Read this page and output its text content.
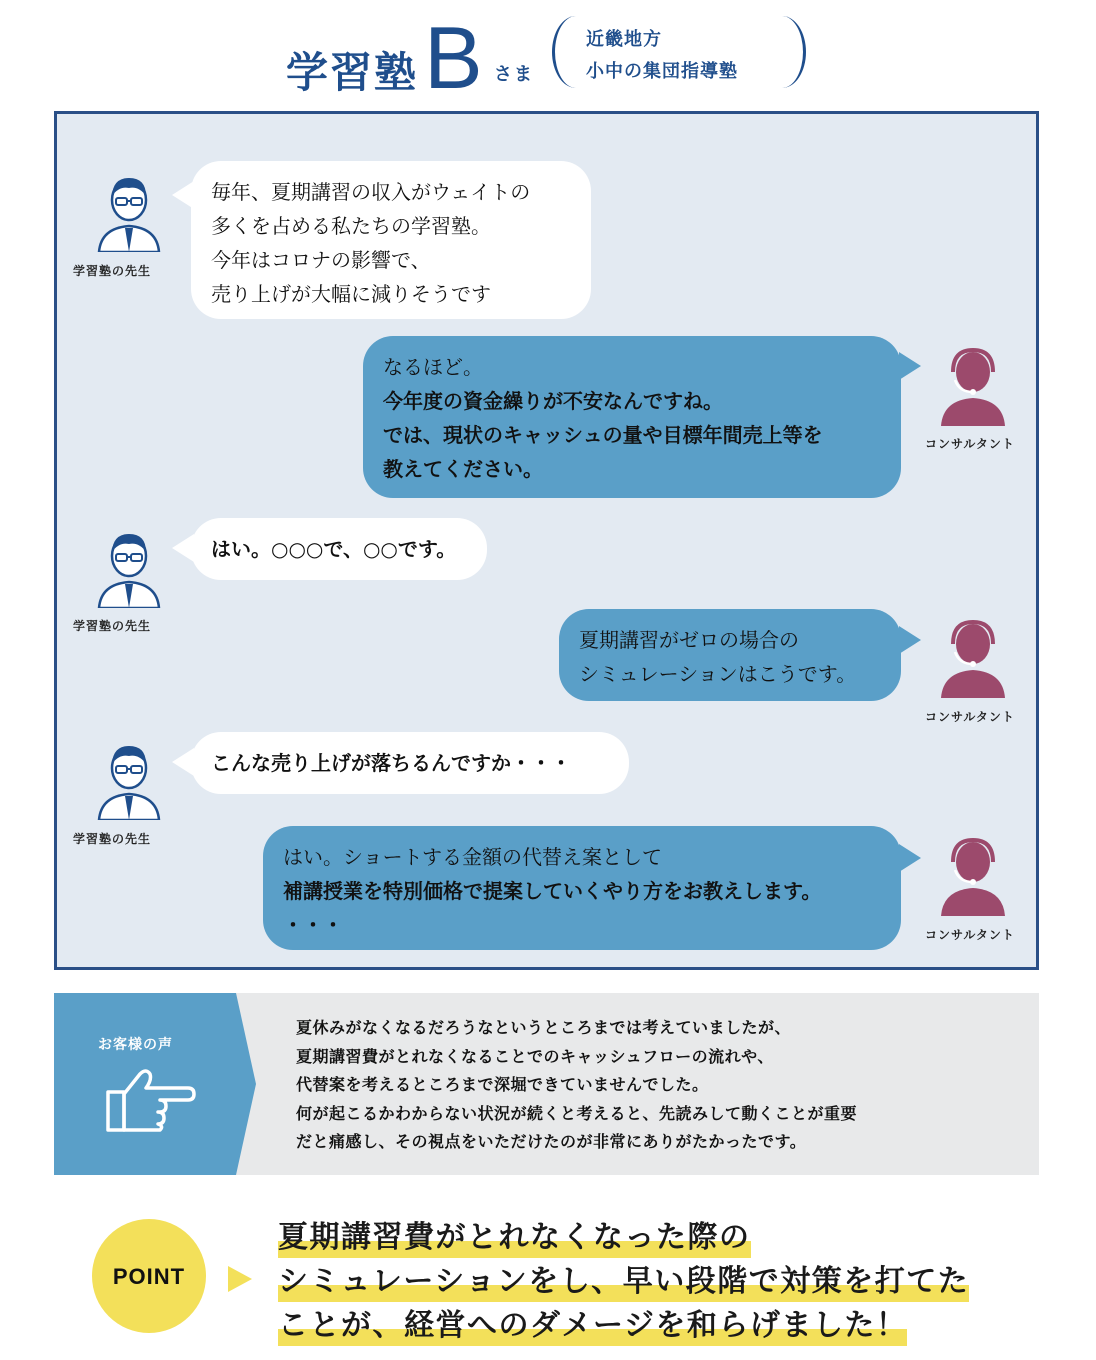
学習塾 B さま
近畿地方
小中の集団指導塾
学習塾の先生
毎年、夏期講習の収入がウェイトの
多くを占める私たちの学習塾。
今年はコロナの影響で、
売り上げが大幅に減りそうです
なるほど。
今年度の資金繰りが不安なんですね。
では、現状のキャッシュの量や目標年間売上等を
教えてください。
コンサルタント
学習塾の先生
はい。○○○で、○○です。
夏期講習がゼロの場合の
シミュレーションはこうです。
コンサルタント
学習塾の先生
こんな売り上げが落ちるんですか・・・
はい。ショートする金額の代替え案として
補講授業を特別価格で提案していくやり方をお教えします。
・・・	コンサルタント
お客様の声
夏休みがなくなるだろうなというところまでは考えていましたが、
夏期講習費がとれなくなることでのキャッシュフローの流れや、
代替案を考えるところまで深堀できていませんでした。
何が起こるかわからない状況が続くと考えると、先読みして動くことが重要
だと痛感し、その視点をいただけたのが非常にありがたかったです。
POINT
夏期講習費がとれなくなった際の
シミュレーションをし、早い段階で対策を打てた
ことが、経営へのダメージを和らげました！
